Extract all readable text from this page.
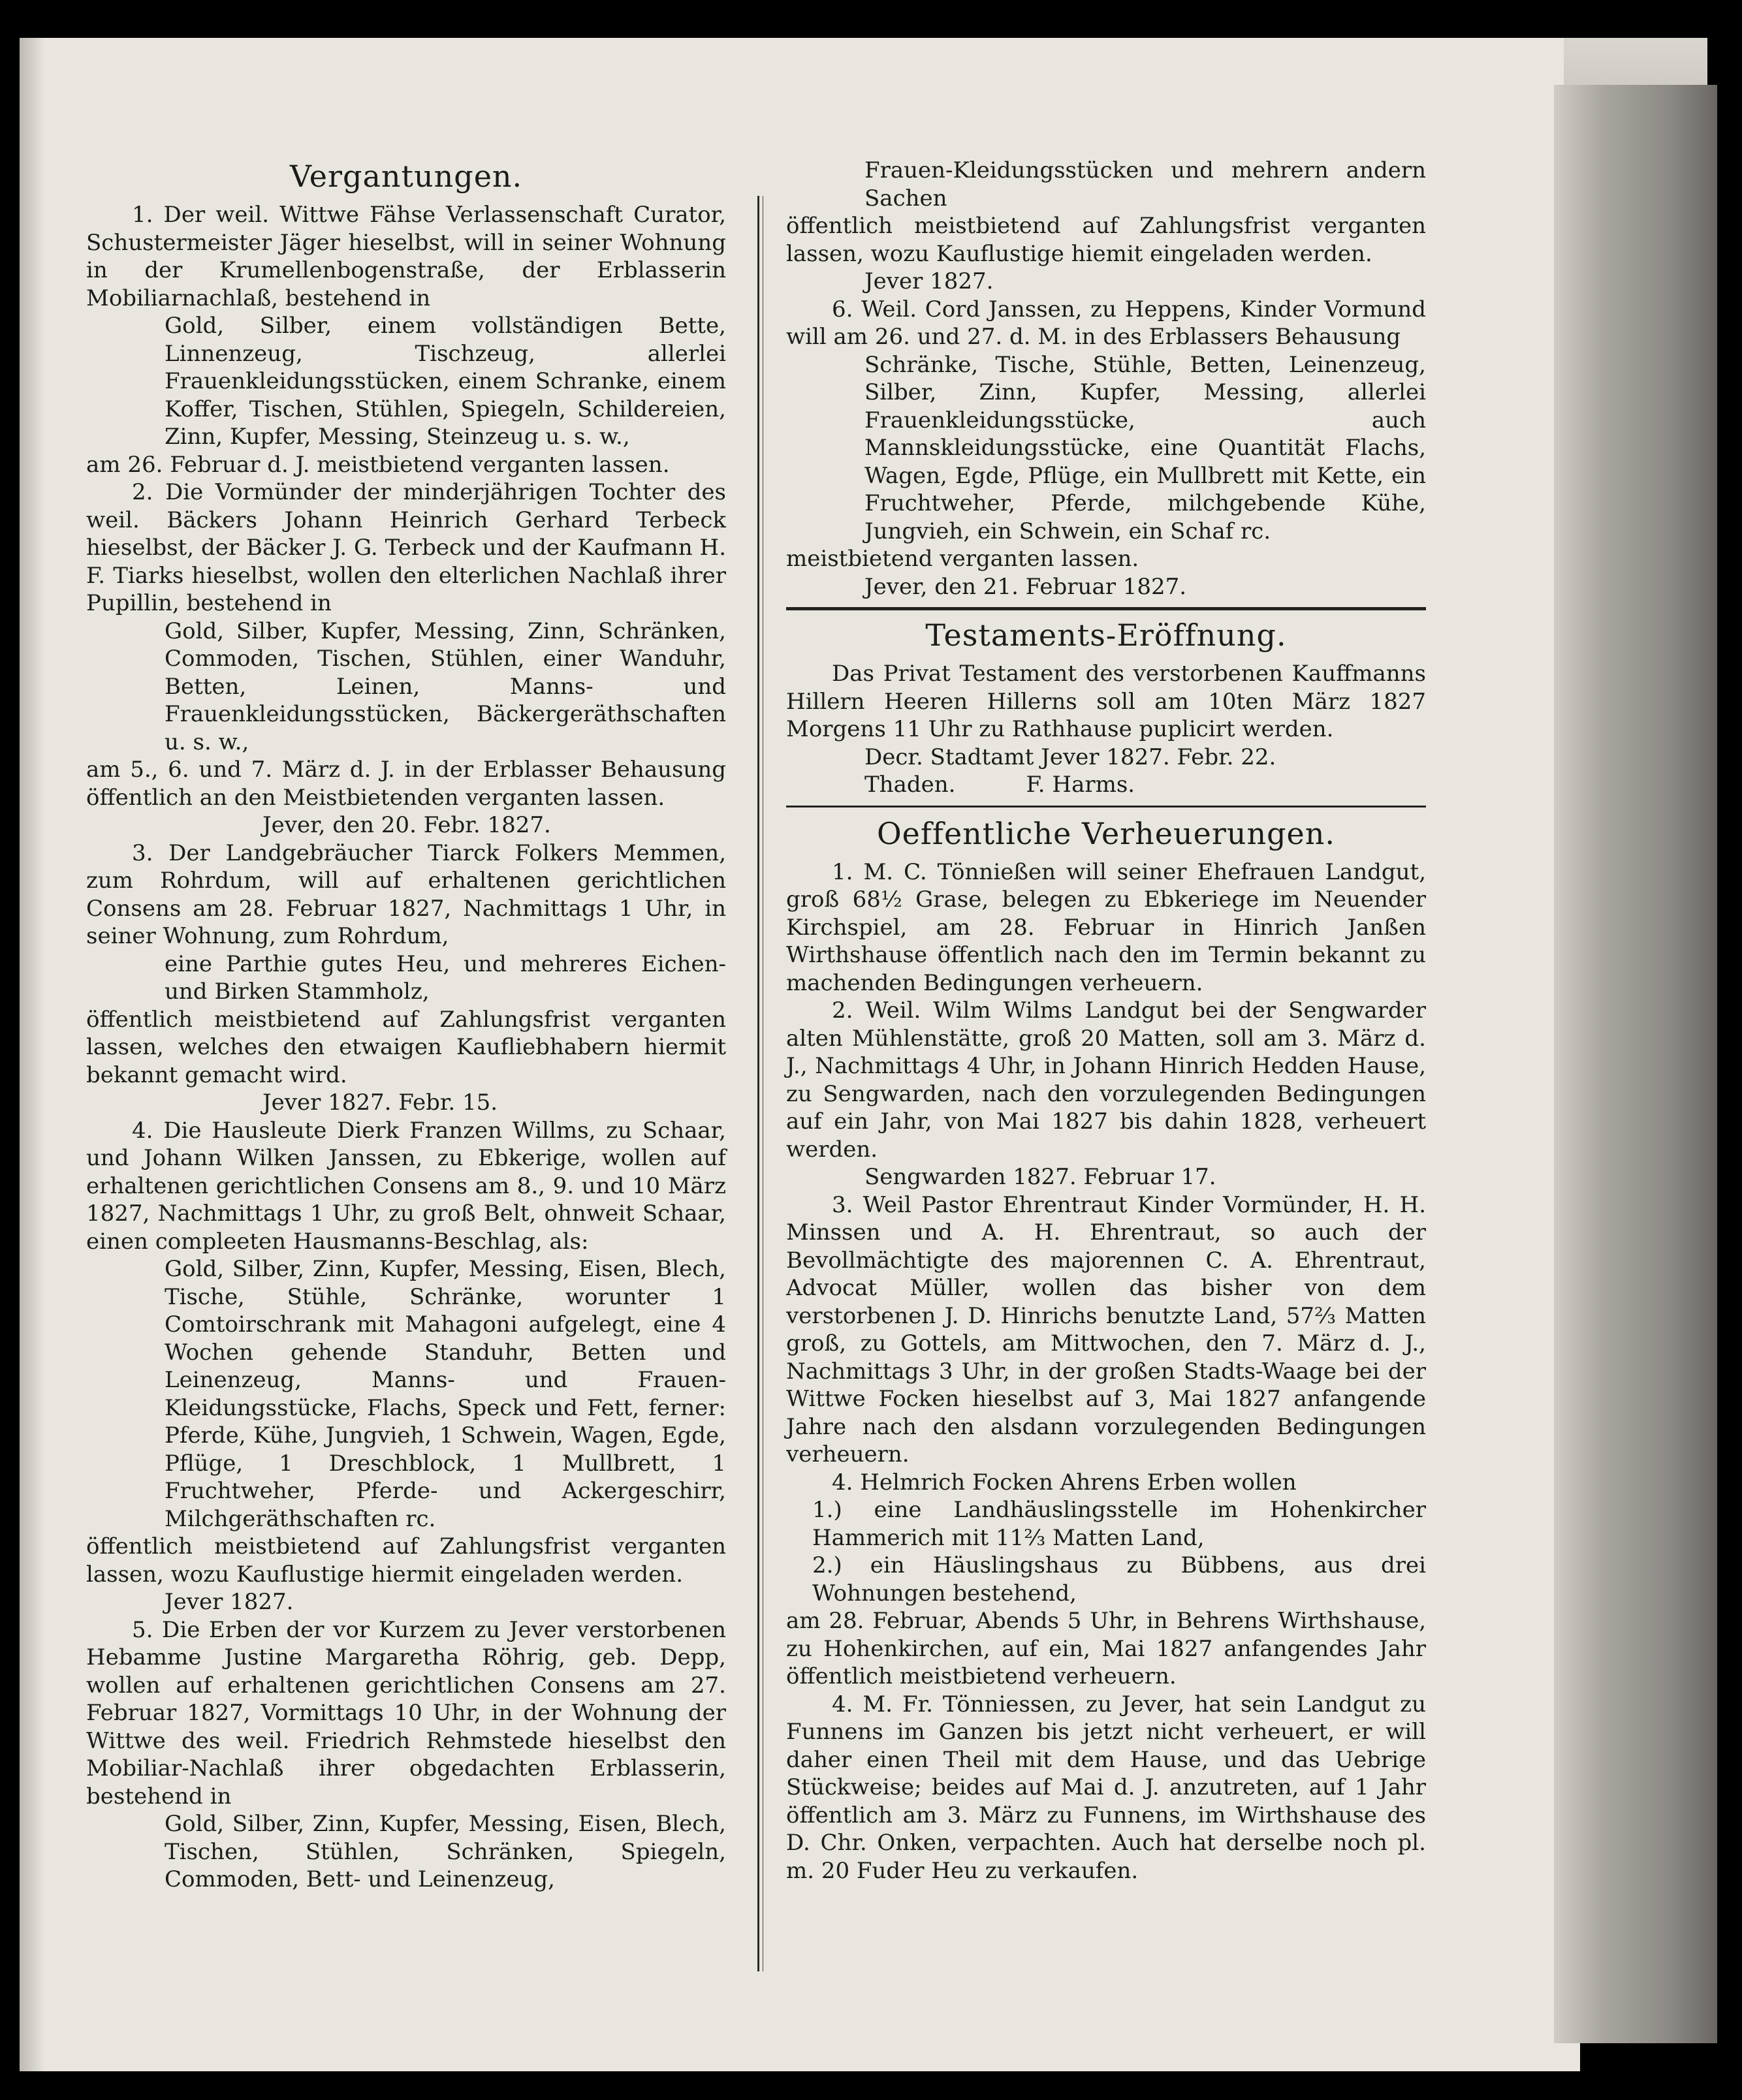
Vergantungen.

1. Der weil. Wittwe Fähse Verlassenschaft Curator, Schustermeister Jäger hieselbst, will in seiner Wohnung in der Krumellenbogenstraße, der Erblasserin Mobiliarnachlaß, bestehend in

Gold, Silber, einem vollständigen Bette, Linnenzeug, Tischzeug, allerlei Frauenkleidungsstücken, einem Schranke, einem Koffer, Tischen, Stühlen, Spiegeln, Schildereien, Zinn, Kupfer, Messing, Steinzeug u. s. w.,

am 26. Februar d. J. meistbietend verganten lassen.

2. Die Vormünder der minderjährigen Tochter des weil. Bäckers Johann Heinrich Gerhard Terbeck hieselbst, der Bäcker J. G. Terbeck und der Kaufmann H. F. Tiarks hieselbst, wollen den elterlichen Nachlaß ihrer Pupillin, bestehend in

Gold, Silber, Kupfer, Messing, Zinn, Schränken, Commoden, Tischen, Stühlen, einer Wanduhr, Betten, Leinen, Manns- und Frauenkleidungsstücken, Bäckergeräthschaften u. s. w.,

am 5., 6. und 7. März d. J. in der Erblasser Behausung öffentlich an den Meistbietenden verganten lassen.

Jever, den 20. Febr. 1827.

3. Der Landgebräucher Tiarck Folkers Memmen, zum Rohrdum, will auf erhaltenen gerichtlichen Consens am 28. Februar 1827, Nachmittags 1 Uhr, in seiner Wohnung, zum Rohrdum,

eine Parthie gutes Heu, und mehreres Eichen- und Birken Stammholz,

öffentlich meistbietend auf Zahlungsfrist verganten lassen, welches den etwaigen Kaufliebhabern hiermit bekannt gemacht wird.

Jever 1827. Febr. 15.

4. Die Hausleute Dierk Franzen Willms, zu Schaar, und Johann Wilken Janssen, zu Ebkerige, wollen auf erhaltenen gerichtlichen Consens am 8., 9. und 10 März 1827, Nachmittags 1 Uhr, zu groß Belt, ohnweit Schaar, einen compleeten Hausmanns-Beschlag, als:

Gold, Silber, Zinn, Kupfer, Messing, Eisen, Blech, Tische, Stühle, Schränke, worunter 1 Comtoirschrank mit Mahagoni aufgelegt, eine 4 Wochen gehende Standuhr, Betten und Leinenzeug, Manns- und Frauen-Kleidungsstücke, Flachs, Speck und Fett, ferner: Pferde, Kühe, Jungvieh, 1 Schwein, Wagen, Egde, Pflüge, 1 Dreschblock, 1 Mullbrett, 1 Fruchtweher, Pferde- und Ackergeschirr, Milchgeräthschaften rc.

öffentlich meistbietend auf Zahlungsfrist verganten lassen, wozu Kauflustige hiermit eingeladen werden.

Jever 1827.

5. Die Erben der vor Kurzem zu Jever verstorbenen Hebamme Justine Margaretha Röhrig, geb. Depp, wollen auf erhaltenen gerichtlichen Consens am 27. Februar 1827, Vormittags 10 Uhr, in der Wohnung der Wittwe des weil. Friedrich Rehmstede hieselbst den Mobiliar-Nachlaß ihrer obgedachten Erblasserin, bestehend in

Gold, Silber, Zinn, Kupfer, Messing, Eisen, Blech, Tischen, Stühlen, Schränken, Spiegeln, Commoden, Bett- und Leinenzeug,

Frauen-Kleidungsstücken und mehrern andern Sachen

öffentlich meistbietend auf Zahlungsfrist verganten lassen, wozu Kauflustige hiemit eingeladen werden.

Jever 1827.

6. Weil. Cord Janssen, zu Heppens, Kinder Vormund will am 26. und 27. d. M. in des Erblassers Behausung

Schränke, Tische, Stühle, Betten, Leinenzeug, Silber, Zinn, Kupfer, Messing, allerlei Frauenkleidungsstücke, auch Mannskleidungsstücke, eine Quantität Flachs, Wagen, Egde, Pflüge, ein Mullbrett mit Kette, ein Fruchtweher, Pferde, milchgebende Kühe, Jungvieh, ein Schwein, ein Schaf rc.

meistbietend verganten lassen.

Jever, den 21. Februar 1827.

Testaments-Eröffnung.

Das Privat Testament des verstorbenen Kauffmanns Hillern Heeren Hillerns soll am 10ten März 1827 Morgens 11 Uhr zu Rathhause puplicirt werden.

Decr. Stadtamt Jever 1827. Febr. 22.

Thaden.          F. Harms.

Oeffentliche Verheuerungen.

1. M. C. Tönnießen will seiner Ehefrauen Landgut, groß 68½ Grase, belegen zu Ebkeriege im Neuender Kirchspiel, am 28. Februar in Hinrich Janßen Wirthshause öffentlich nach den im Termin bekannt zu machenden Bedingungen verheuern.

2. Weil. Wilm Wilms Landgut bei der Sengwarder alten Mühlenstätte, groß 20 Matten, soll am 3. März d. J., Nachmittags 4 Uhr, in Johann Hinrich Hedden Hause, zu Sengwarden, nach den vorzulegenden Bedingungen auf ein Jahr, von Mai 1827 bis dahin 1828, verheuert werden.

Sengwarden 1827. Februar 17.

3. Weil Pastor Ehrentraut Kinder Vormünder, H. H. Minssen und A. H. Ehrentraut, so auch der Bevollmächtigte des majorennen C. A. Ehrentraut, Advocat Müller, wollen das bisher von dem verstorbenen J. D. Hinrichs benutzte Land, 57⅔ Matten groß, zu Gottels, am Mittwochen, den 7. März d. J., Nachmittags 3 Uhr, in der großen Stadts-Waage bei der Wittwe Focken hieselbst auf 3, Mai 1827 anfangende Jahre nach den alsdann vorzulegenden Bedingungen verheuern.

4. Helmrich Focken Ahrens Erben wollen

1.) eine Landhäuslingsstelle im Hohenkircher Hammerich mit 11⅔ Matten Land,

2.) ein Häuslingshaus zu Bübbens, aus drei Wohnungen bestehend,

am 28. Februar, Abends 5 Uhr, in Behrens Wirthshause, zu Hohenkirchen, auf ein, Mai 1827 anfangendes Jahr öffentlich meistbietend verheuern.

4. M. Fr. Tönniessen, zu Jever, hat sein Landgut zu Funnens im Ganzen bis jetzt nicht verheuert, er will daher einen Theil mit dem Hause, und das Uebrige Stückweise; beides auf Mai d. J. anzutreten, auf 1 Jahr öffentlich am 3. März zu Funnens, im Wirthshause des D. Chr. Onken, verpachten. Auch hat derselbe noch pl. m. 20 Fuder Heu zu verkaufen.
